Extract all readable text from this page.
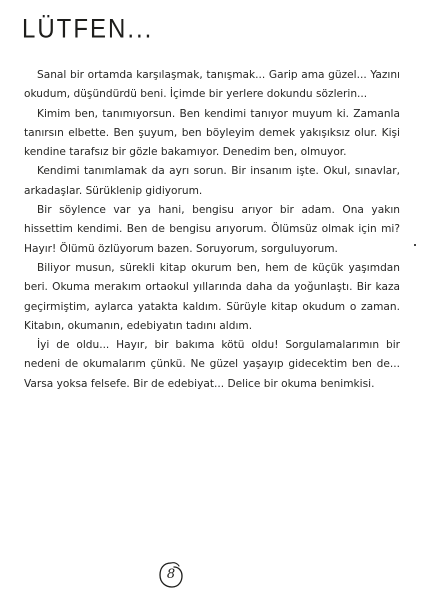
LÜTFEN...

Sanal bir ortamda karşılaşmak, tanışmak... Garip ama güzel... Yazını okudum, düşündürdü beni. İçimde bir yerlere dokundu sözlerin...

Kimim ben, tanımıyorsun. Ben kendimi tanıyor muyum ki. Zamanla tanırsın elbette. Ben şuyum, ben böyleyim demek yakışıksız olur. Kişi kendine tarafsız bir gözle bakamıyor. Denedim ben, olmuyor.

Kendimi tanımlamak da ayrı sorun. Bir insanım işte. Okul, sınavlar, arkadaşlar. Sürüklenip gidiyorum.

Bir söylence var ya hani, bengisu arıyor bir adam. Ona yakın hissettim kendimi. Ben de bengisu arıyorum. Ölümsüz olmak için mi? Hayır! Ölümü özlüyorum bazen. Soruyorum, sorguluyorum.

Biliyor musun, sürekli kitap okurum ben, hem de küçük yaşımdan beri. Okuma merakım ortaokul yıllarında daha da yoğunlaştı. Bir kaza geçirmiştim, aylarca yatakta kaldım. Sürüyle kitap okudum o zaman. Kitabın, okumanın, edebiyatın tadını aldım.

İyi de oldu... Hayır, bir bakıma kötü oldu! Sorgulamalarımın bir nedeni de okumalarım çünkü. Ne güzel yaşayıp gidecektim ben de... Varsa yoksa felsefe. Bir de edebiyat... Delice bir okuma benimkisi.

8
